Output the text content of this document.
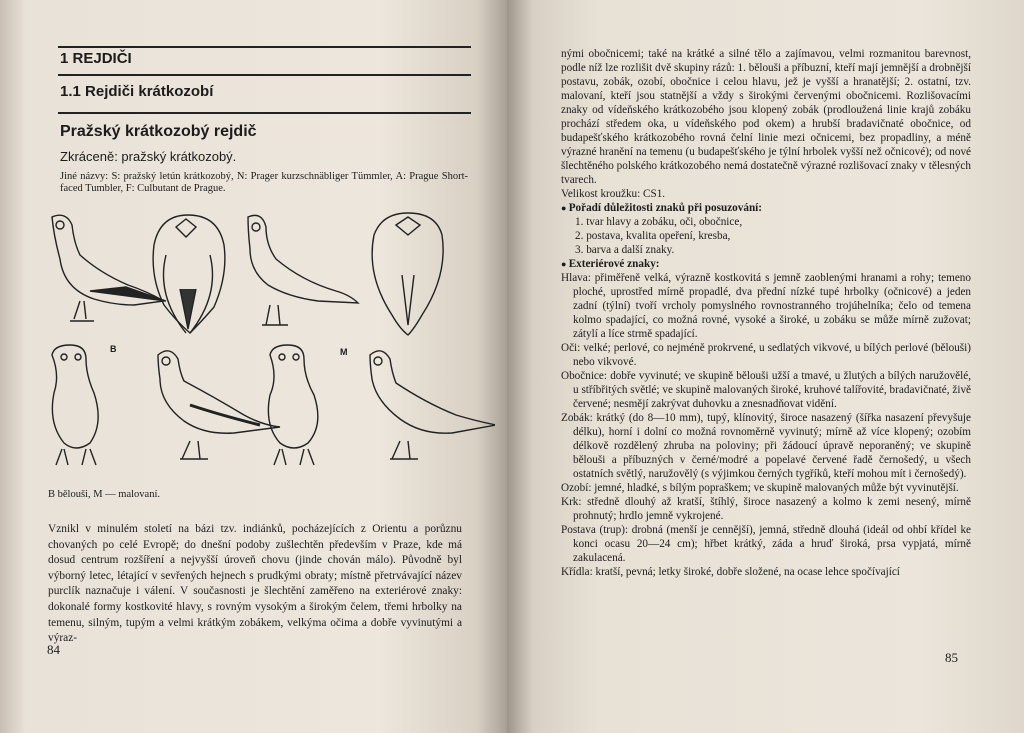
1 REJDIČI
1.1 Rejdiči krátkozobí
Pražský krátkozobý rejdič
Zkráceně: pražský krátkozobý.
Jiné názvy: S: pražský letún krátkozobý, N: Prager kurzschnäbliger Tümmler, A: Prague Short-faced Tumbler, F: Culbutant de Prague.
B	M
B bělouši, M — malovaní.
Vznikl v minulém století na bázi tzv. indiánků, pocházejících z Orientu a porůznu chovaných po celé Evropě; do dnešní podoby zušlechtěn především v Praze, kde má dosud centrum rozšíření a nejvyšší úroveň chovu (jinde chován málo). Původně byl výborný letec, létající v sevřených hejnech s prudkými obraty; místně přetrvávající název purclík naznačuje i válení. V současnosti je šlechtění zaměřeno na exteriérové znaky: dokonalé formy kostkovité hlavy, s rovným vysokým a širokým čelem, třemi hrbolky na temenu, silným, tupým a velmi krátkým zobákem, velkýma očima a dobře vyvinutými a výraz-
84

nými obočnicemi; také na krátké a silné tělo a zajímavou, velmi rozmanitou barevnost, podle níž lze rozlišit dvě skupiny rázů: 1. bělouši a příbuzní, kteří mají jemnější a drobnější postavu, zobák, ozobí, obočnice i celou hlavu, jež je vyšší a hranatější; 2. ostatní, tzv. malovaní, kteří jsou statnější a vždy s širokými červenými obočnicemi. Rozlišovacími znaky od vídeňského krátkozobého jsou klopený zobák (prodloužená linie krajů zobáku prochází středem oka, u vídeňského pod okem) a hrubší bradavičnaté obočnice, od budapešťského krátkozobého rovná čelní linie mezi očnicemi, bez propadliny, a méně výrazné hranění na temenu (u budapešťského je týlní hrbolek vyšší než očnicové); od nové šlechtěného polského krátkozobého nemá dostatečně výrazné rozlišovací znaky v tělesných tvarech.

Velikost kroužku: CS1.

● Pořadí důležitosti znaků při posuzování:

1. tvar hlavy a zobáku, oči, obočnice,

2. postava, kvalita opeření, kresba,

3. barva a další znaky.

● Exteriérové znaky:

Hlava: přiměřeně velká, výrazně kostkovitá s jemně zaoblenými hranami a rohy; temeno ploché, uprostřed mírně propadlé, dva přední nízké tupé hrbolky (očnicové) a jeden zadní (týlní) tvoří vrcholy pomyslného rovnostranného trojúhelníka; čelo od temena kolmo spadající, co možná rovné, vysoké a široké, u zobáku se může mírně zužovat; zátylí a líce strmě spadající.

Oči: velké; perlové, co nejméně prokrvené, u sedlatých vikvové, u bílých perlové (bělouši) nebo vikvové.

Obočnice: dobře vyvinuté; ve skupině bělouši užší a tmavé, u žlutých a bílých naružovělé, u stříbřitých světlé; ve skupině malovaných široké, kruhové talířovité, bradavičnaté, živě červené; nesmějí zakrývat duhovku a znesnadňovat vidění.

Zobák: krátký (do 8—10 mm), tupý, klínovitý, široce nasazený (šířka nasazení převyšuje délku), horní i dolní co možná rovnoměrně vyvinutý; mírně až více klopený; ozobím délkově rozdělený zhruba na poloviny; při žádoucí úpravě neporaněný; ve skupině bělouši a příbuzných v černé/modré a popelavé červené řadě černošedý, u všech ostatních světlý, naružovělý (s výjimkou černých tygříků, kteří mohou mít i černošedý).

Ozobí: jemné, hladké, s bílým popraškem; ve skupině malovaných může být vyvinutější.

Krk: středně dlouhý až kratší, štíhlý, široce nasazený a kolmo k zemi nesený, mírně prohnutý; hrdlo jemně vykrojené.

Postava (trup): drobná (menší je cennější), jemná, středně dlouhá (ideál od ohbí křídel ke konci ocasu 20—24 cm); hřbet krátký, záda a hruď široká, prsa vypjatá, mírně zakulacená.

Křídla: kratší, pevná; letky široké, dobře složené, na ocase lehce spočívající

85
